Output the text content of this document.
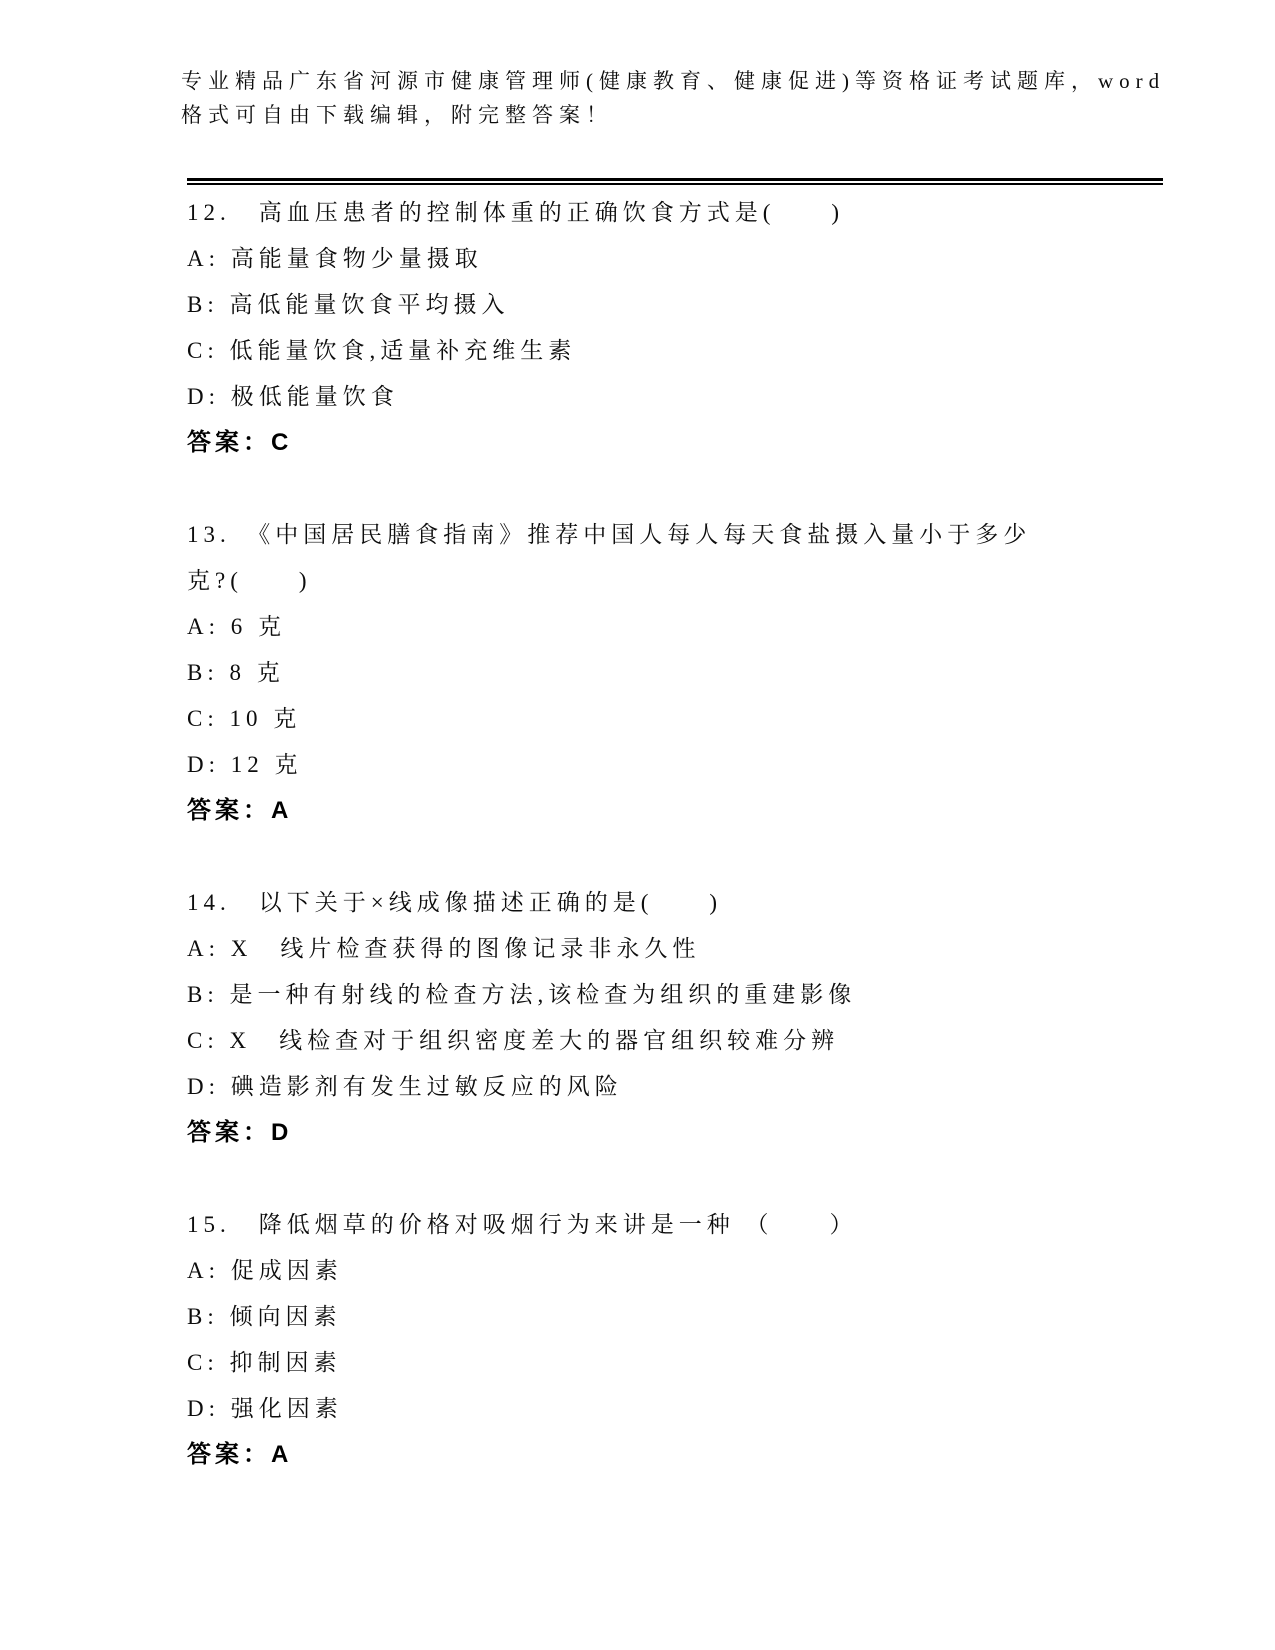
专业精品广东省河源市健康管理师(健康教育、健康促进)等资格证考试题库，word
格式可自由下载编辑，附完整答案！
12.　高血压患者的控制体重的正确饮食方式是(　　)
A: 高能量食物少量摄取
B: 高低能量饮食平均摄入
C: 低能量饮食,适量补充维生素
D: 极低能量饮食
答案：C
13.　《中国居民膳食指南》推荐中国人每人每天食盐摄入量小于多少
克?(　　)
A: 6 克
B: 8 克
C: 10 克
D: 12 克
答案：A
14.　以下关于×线成像描述正确的是(　　)
A: X　线片检查获得的图像记录非永久性
B: 是一种有射线的检查方法,该检查为组织的重建影像
C: X　线检查对于组织密度差大的器官组织较难分辨
D: 碘造影剂有发生过敏反应的风险
答案：D
15.　降低烟草的价格对吸烟行为来讲是一种 （　　）
A: 促成因素
B: 倾向因素
C: 抑制因素
D: 强化因素
答案：A
